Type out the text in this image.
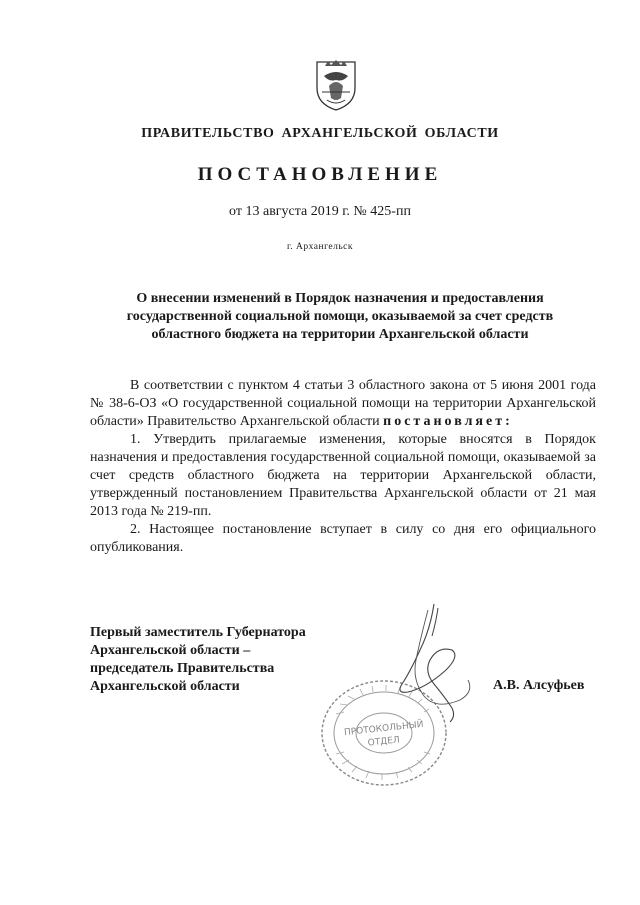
ПРАВИТЕЛЬСТВО АРХАНГЕЛЬСКОЙ ОБЛАСТИ
ПОСТАНОВЛЕНИЕ
от 13 августа 2019 г. № 425-пп
г. Архангельск
О внесении изменений в Порядок назначения и предоставления
государственной социальной помощи, оказываемой за счет средств
областного бюджета на территории Архангельской области

В соответствии с пунктом 4 статьи 3 областного закона от 5 июня 2001 года № 38-6-ОЗ «О государственной социальной помощи на территории Архангельской области» Правительство Архангельской области постановляет:

1. Утвердить прилагаемые изменения, которые вносятся в Порядок назначения и предоставления государственной социальной помощи, оказываемой за счет средств областного бюджета на территории Архангельской области, утвержденный постановлением Правительства Архангельской области от 21 мая 2013 года № 219-пп.

2. Настоящее постановление вступает в силу со дня его официального опубликования.

Первый заместитель Губернатора
Архангельской области –
председатель Правительства
Архангельской области	А.В. Алсуфьев
ПРОТОКОЛЬНЫЙ
ОТДЕЛ
